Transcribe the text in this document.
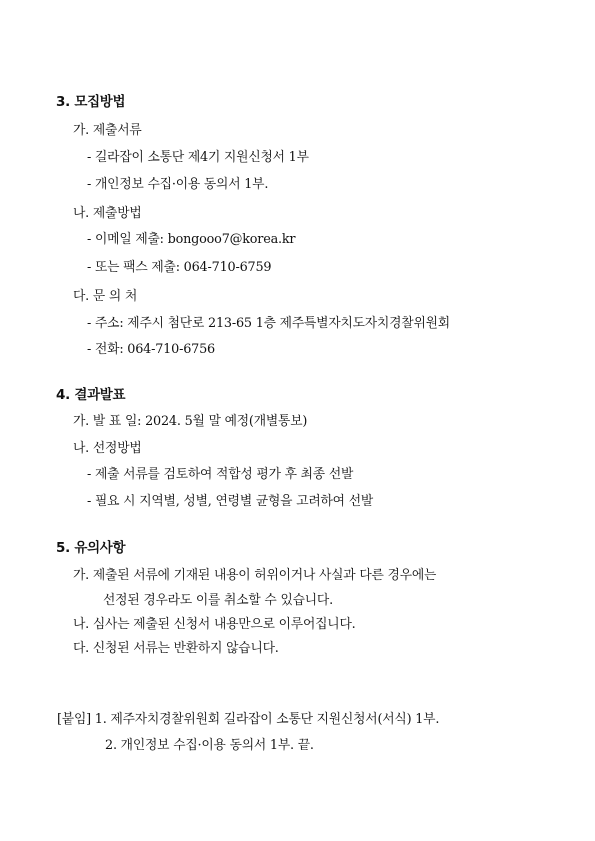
3. 모집방법
가. 제출서류
- 길라잡이 소통단 제4기 지원신청서 1부
- 개인정보 수집·이용 동의서 1부.
나. 제출방법
- 이메일 제출: bongooo7@korea.kr
- 또는 팩스 제출: 064-710-6759
다. 문 의 처
- 주소: 제주시 첨단로 213-65 1층 제주특별자치도자치경찰위원회
- 전화: 064-710-6756
4. 결과발표
가. 발 표 일: 2024. 5월 말 예정(개별통보)
나. 선정방법
- 제출 서류를 검토하여 적합성 평가 후 최종 선발
- 필요 시 지역별, 성별, 연령별 균형을 고려하여 선발
5. 유의사항
가. 제출된 서류에 기재된 내용이 허위이거나 사실과 다른 경우에는
선정된 경우라도 이를 취소할 수 있습니다.
나. 심사는 제출된 신청서 내용만으로 이루어집니다.
다. 신청된 서류는 반환하지 않습니다.
[붙임] 1. 제주자치경찰위원회 길라잡이 소통단 지원신청서(서식) 1부.
2. 개인정보 수집·이용 동의서 1부. 끝.
